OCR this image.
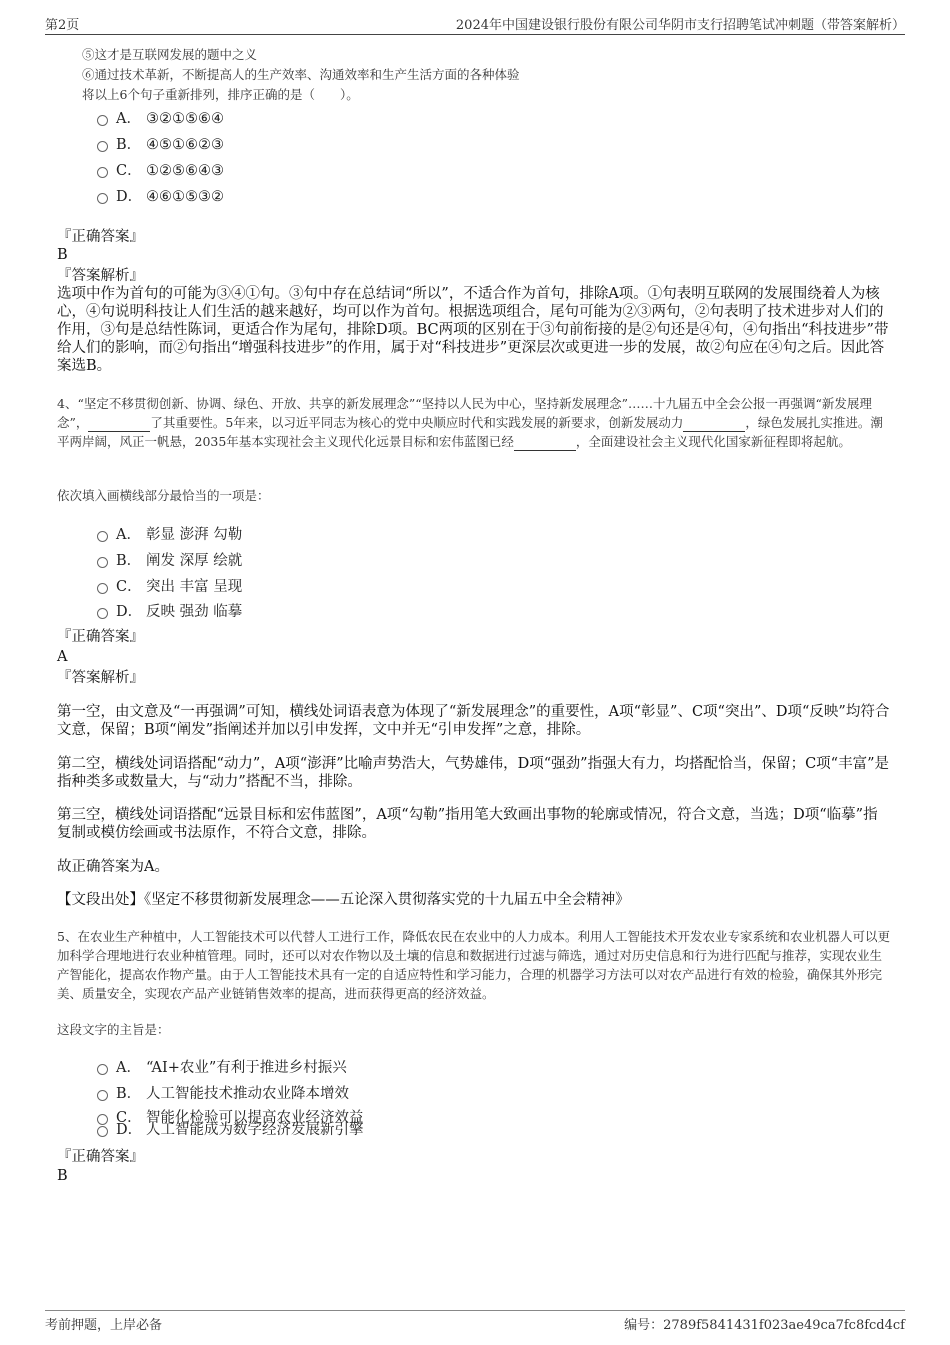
第2页	2024年中国建设银行股份有限公司华阴市支行招聘笔试冲刺题（带答案解析）
⑤这才是互联网发展的题中之义
⑥通过技术革新，不断提高人的生产效率、沟通效率和生产生活方面的各种体验
将以上6个句子重新排列，排序正确的是（　　）。
A． ③②①⑤⑥④
B． ④⑤①⑥②③
C． ①②⑤⑥④③
D． ④⑥①⑤③②
『正确答案』
B
『答案解析』
选项中作为首句的可能为③④①句。③句中存在总结词“所以”，不适合作为首句，排除A项。①句表明互联网的发展围绕着人为核心，④句说明科技让人们生活的越来越好，均可以作为首句。根据选项组合，尾句可能为②③两句，②句表明了技术进步对人们的作用，③句是总结性陈词，更适合作为尾句，排除D项。BC两项的区别在于③句前衔接的是②句还是④句，④句指出“科技进步”带给人们的影响，而②句指出“增强科技进步”的作用，属于对“科技进步”更深层次或更进一步的发展，故②句应在④句之后。因此答案选B。
4、“坚定不移贯彻创新、协调、绿色、开放、共享的新发展理念”“坚持以人民为中心，坚持新发展理念”……十九届五中全会公报一再强调“新发展理念”，	了其重要性。5年来，以习近平同志为核心的党中央顺应时代和实践发展的新要求，创新发展动力	，绿色发展扎实推进。潮平两岸阔，风正一帆悬，2035年基本实现社会主义现代化远景目标和宏伟蓝图已经	，全面建设社会主义现代化国家新征程即将起航。
依次填入画横线部分最恰当的一项是：
A． 彰显 澎湃 勾勒
B． 阐发 深厚 绘就
C． 突出 丰富 呈现
D． 反映 强劲 临摹
『正确答案』
A
『答案解析』
第一空，由文意及“一再强调”可知，横线处词语表意为体现了“新发展理念”的重要性，A项“彰显”、C项“突出”、D项“反映”均符合文意，保留；B项“阐发”指阐述并加以引申发挥，文中并无“引申发挥”之意，排除。
第二空，横线处词语搭配“动力”，A项“澎湃”比喻声势浩大，气势雄伟，D项“强劲”指强大有力，均搭配恰当，保留；C项“丰富”是指种类多或数量大，与“动力”搭配不当，排除。
第三空，横线处词语搭配“远景目标和宏伟蓝图”，A项“勾勒”指用笔大致画出事物的轮廓或情况，符合文意，当选；D项“临摹”指复制或模仿绘画或书法原作，不符合文意，排除。
故正确答案为A。
【文段出处】《坚定不移贯彻新发展理念——五论深入贯彻落实党的十九届五中全会精神》
5、在农业生产种植中，人工智能技术可以代替人工进行工作，降低农民在农业中的人力成本。利用人工智能技术开发农业专家系统和农业机器人可以更加科学合理地进行农业种植管理。同时，还可以对农作物以及土壤的信息和数据进行过滤与筛选，通过对历史信息和行为进行匹配与推荐，实现农业生产智能化，提高农作物产量。由于人工智能技术具有一定的自适应特性和学习能力，合理的机器学习方法可以对农产品进行有效的检验，确保其外形完美、质量安全，实现农产品产业链销售效率的提高，进而获得更高的经济效益。
这段文字的主旨是：
A． “AI+农业”有利于推进乡村振兴
B． 人工智能技术推动农业降本增效
C． 智能化检验可以提高农业经济效益
D． 人工智能成为数字经济发展新引擎
『正确答案』
B
考前押题，上岸必备	编号：2789f5841431f023ae49ca7fc8fcd4cf
